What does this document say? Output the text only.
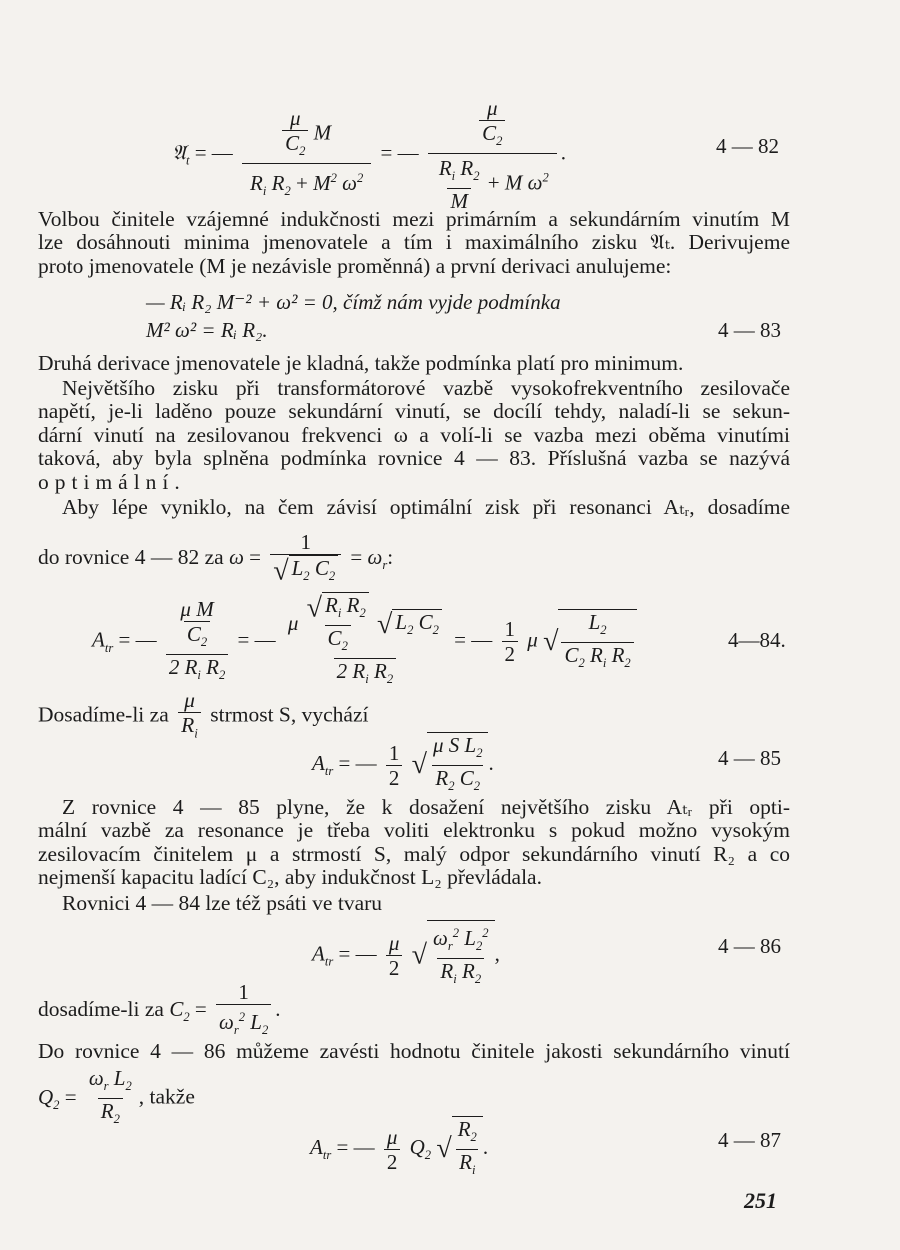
𝔄$_t$ = — $\frac{\frac{\mu}{C_2} M}{R_i R_2 + M^2 \omega^2}$ = — $\frac{\frac{\mu}{C_2}}{\frac{R_i R_2}{M} + M \omega^2}$ .	4 — 82
Volbou činitele vzájemné indukčnosti mezi primárním a sekundárním vinutím M
lze dosáhnouti minima jmenovatele a tím i maximálního zisku 𝔄ₜ. Derivujeme
proto jmenovatele (M je nezávisle proměnná) a první derivaci anulujeme:
— Rᵢ R₂ M⁻² + ω² = 0, čímž nám vyjde podmínka
M² ω² = Rᵢ R₂.	4 — 83
Druhá derivace jmenovatele je kladná, takže podmínka platí pro minimum.
Největšího zisku při transformátorové vazbě vysokofrekventního zesilovače
napětí, je-li laděno pouze sekundární vinutí, se docílí tehdy, naladí-li se sekun-
dární vinutí na zesilovanou frekvenci ω a volí-li se vazba mezi oběma vinutími
taková, aby byla splněna podmínka rovnice 4 — 83. Příslušná vazba se nazývá
optimální.
Aby lépe vyniklo, na čem závisí optimální zisk při resonanci Aₜᵣ, dosadíme
do rovnice 4 — 82 za $\omega = \frac{1}{√ L_2 C_2} = \omega_r$:
$A_{tr}$ = — $\frac{\frac{\text{μ M}}{C_2}}{2 R_i R_2}$ = — $\frac{\mu \frac{√ R_i R_2}{C_2} √ L_2 C_2}{2 R_i R_2}$ = — $\frac{1}{2}$ μ √ $\frac{L_2}{C_2 R_i R_2}$	4—84.
Dosadíme-li za $\frac{\mu}{R_i}$ strmost S, vychází
$A_{tr}$ = — $\frac{1}{2}$ √ $\frac{\mu S L_2}{R_2 C_2}$ .	4 — 85
Z rovnice 4 — 85 plyne, že k dosažení největšího zisku Aₜᵣ při opti-
mální vazbě za resonance je třeba voliti elektronku s pokud možno vysokým
zesilovacím činitelem μ a strmostí S, malý odpor sekundárního vinutí R₂ a co
nejmenší kapacitu ladící C₂, aby indukčnost L₂ převládala.
Rovnici 4 — 84 lze též psáti ve tvaru
$A_{tr}$ = — $\frac{\mu}{2}$ √ $\frac{\omega_r^2 L_2^2}{R_i R_2}$ ,	4 — 86
dosadíme-li za $C_2 = \frac{1}{\omega_r^2 L_2}$ .
Do rovnice 4 — 86 můžeme zavésti hodnotu činitele jakosti sekundárního vinutí
$Q_2 = \frac{\omega_r L_2}{R_2}$ , takže
$A_{tr}$ = — $\frac{\mu}{2} Q_2$ √ $\frac{R_2}{R_i}$ .	4 — 87
251
